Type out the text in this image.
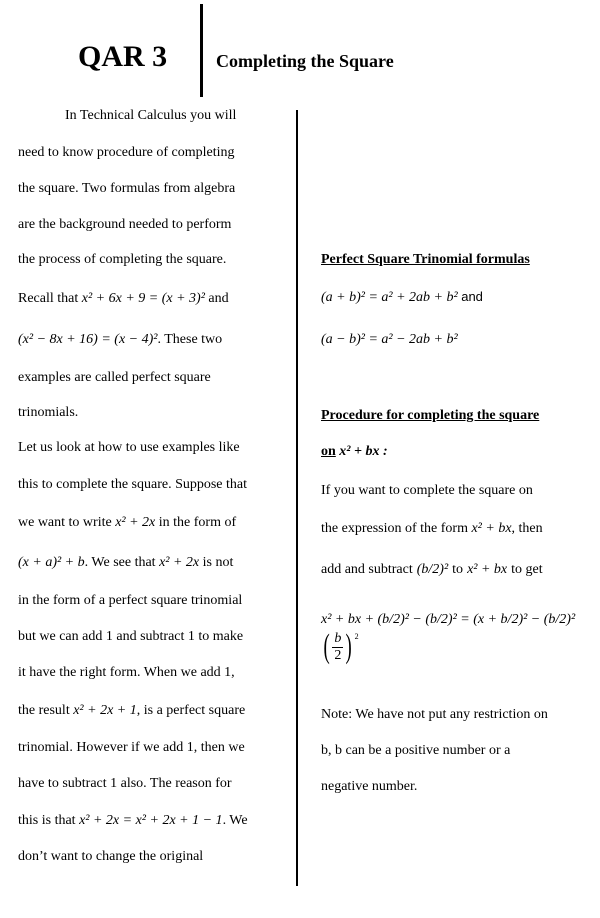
QAR 3	Completing the Square
In Technical Calculus you will
need to know procedure of completing
the square. Two formulas from algebra
are the background needed to perform
the process of completing the square.
Recall that x² + 6x + 9 = (x + 3)² and
(x² − 8x + 16) = (x − 4)². These two
examples are called perfect square
trinomials.
Let us look at how to use examples like
this to complete the square. Suppose that
we want to write x² + 2x in the form of
(x + a)² + b. We see that x² + 2x is not
in the form of a perfect square trinomial
but we can add 1 and subtract 1 to make
it have the right form. When we add 1,
the result x² + 2x + 1, is a perfect square
trinomial. However if we add 1, then we
have to subtract 1 also. The reason for
this is that x² + 2x = x² + 2x + 1 − 1. We
don’t want to change the original
Perfect Square Trinomial formulas
(a + b)² = a² + 2ab + b² and
(a − b)² = a² − 2ab + b²
Procedure for completing the square
on x² + bx :
If you want to complete the square on
the expression of the form x² + bx, then
add and subtract (b/2)² to x² + bx to get
x² + bx + (b/2)² − (b/2)² = (x + b/2)² − (b/2)²
( $\frac{b}{2}$ ) 2
Note: We have not put any restriction on
b, b can be a positive number or a
negative number.
